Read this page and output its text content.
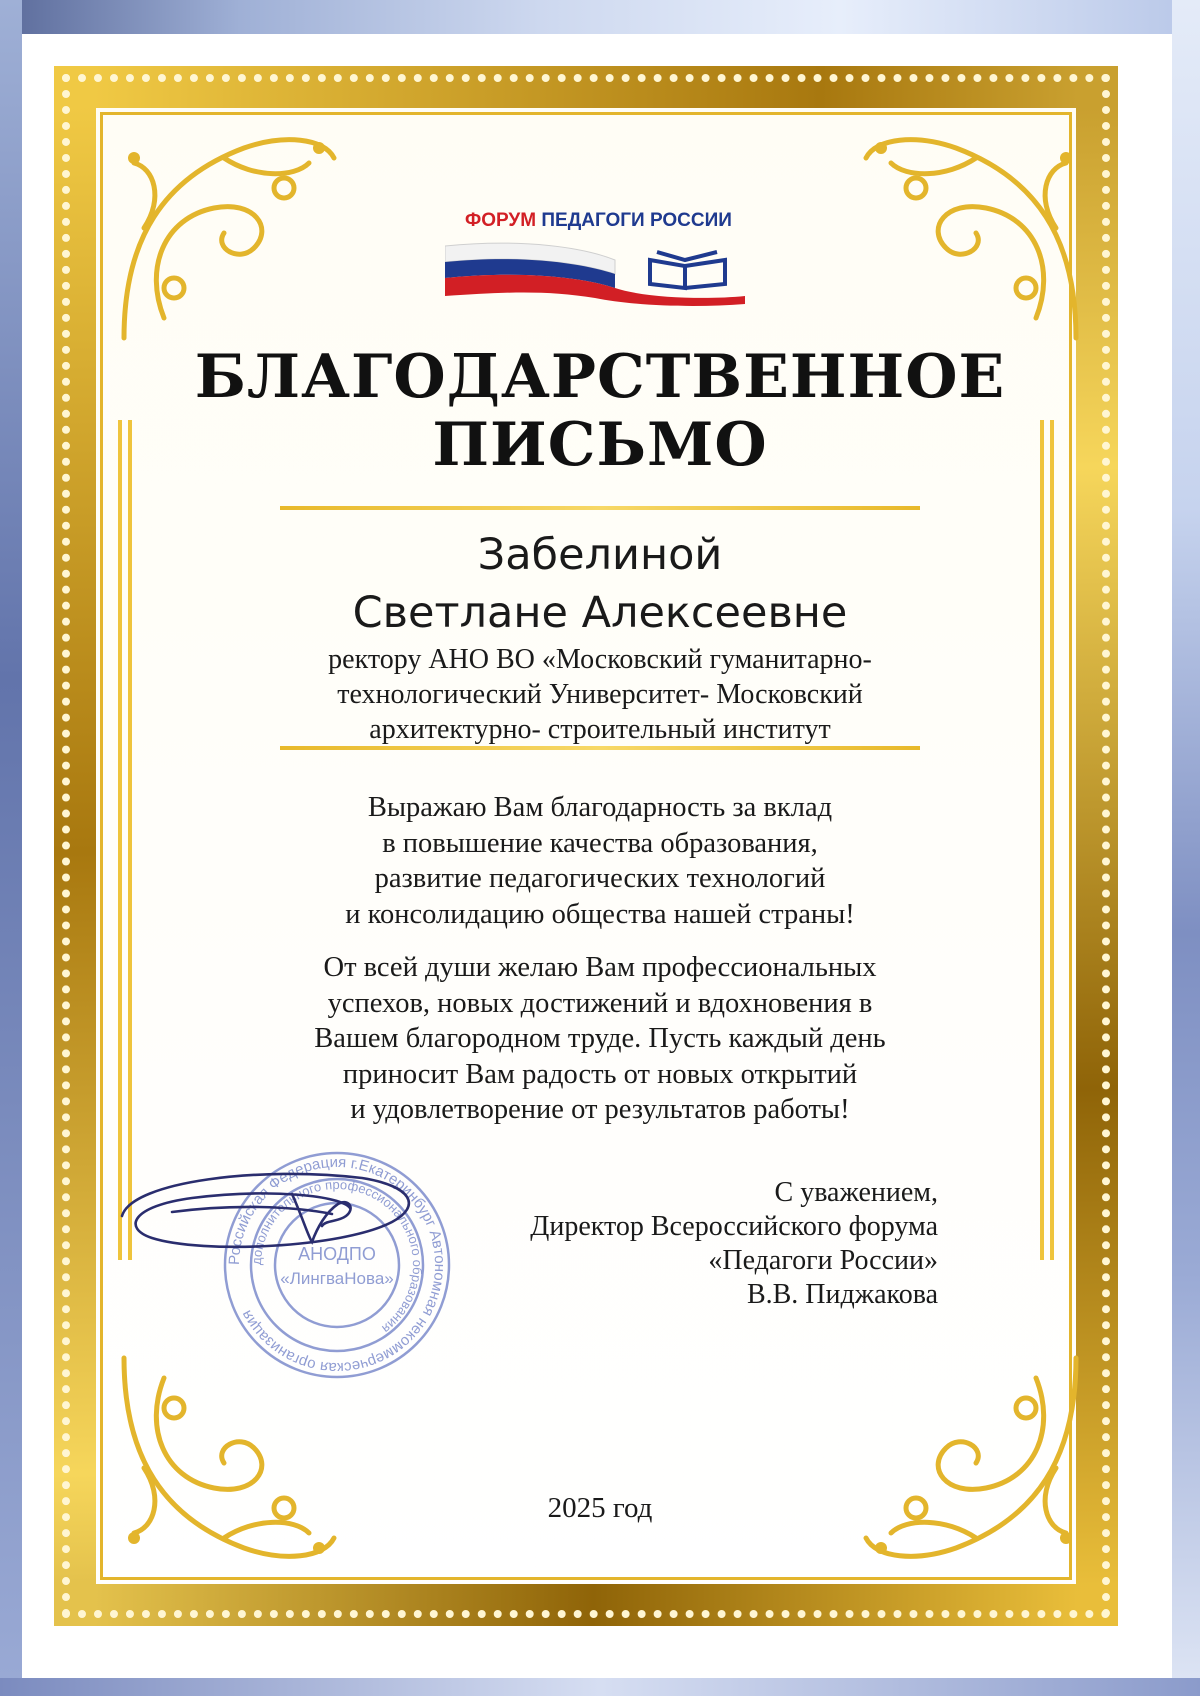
ФОРУМ ПЕДАГОГИ РОССИИ
БЛАГОДАРСТВЕННОЕ
ПИСЬМО
Забелиной
Светлане Алексеевне
ректору АНО ВО «Московский гуманитарно-
технологический Университет- Московский
архитектурно- строительный институт
Выражаю Вам благодарность за вклад
в повышение качества образования,
развитие педагогических технологий
и консолидацию общества нашей страны!
От всей души желаю Вам профессиональных
успехов, новых достижений и вдохновения в
Вашем благородном труде. Пусть каждый день
приносит Вам радость от новых открытий
и удовлетворение от результатов работы!
Российская Федерация г.Екатеринбург Автономная некоммерческая организация
дополнительного профессионального образования
АНОДПО
«ЛингваНова»
С уважением,
Директор Всероссийского форума
«Педагоги России»
В.В. Пиджакова
2025 год
